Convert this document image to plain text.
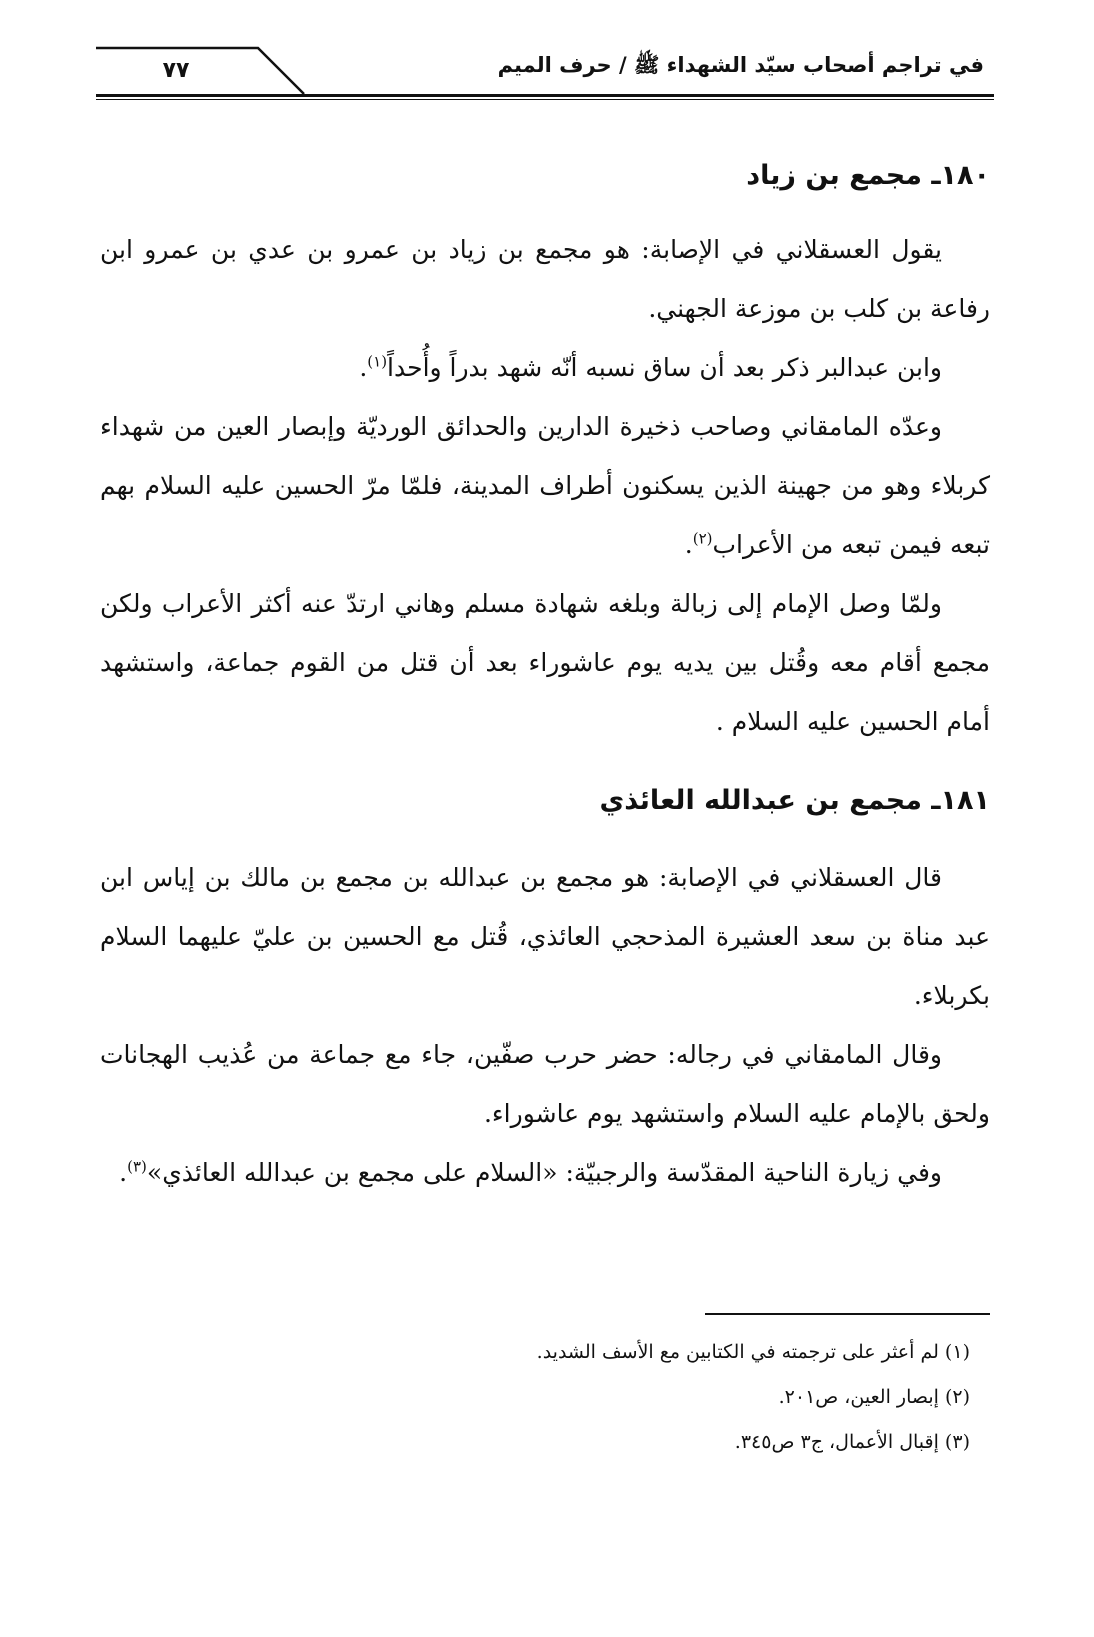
٧٧	في تراجم أصحاب سيّد الشهداء ﷺ / حرف الميم
١٨٠ـ مجمع بن زياد

يقول العسقلاني في الإصابة: هو مجمع بن زياد بن عمرو بن عدي بن عمرو ابن رفاعة بن كلب بن موزعة الجهني.

وابن عبدالبر ذكر بعد أن ساق نسبه أنّه شهد بدراً وأُحداً$^{(١)}$.

وعدّه المامقاني وصاحب ذخيرة الدارين والحدائق الورديّة وإبصار العين من شهداء كربلاء وهو من جهينة الذين يسكنون أطراف المدينة، فلمّا مرّ الحسين عليه السلام بهم تبعه فيمن تبعه من الأعراب$^{(٢)}$.

ولمّا وصل الإمام إلى زبالة وبلغه شهادة مسلم وهاني ارتدّ عنه أكثر الأعراب ولكن مجمع أقام معه وقُتل بين يديه يوم عاشوراء بعد أن قتل من القوم جماعة، واستشهد أمام الحسين عليه السلام .

١٨١ـ مجمع بن عبدالله العائذي

قال العسقلاني في الإصابة: هو مجمع بن عبدالله بن مجمع بن مالك بن إياس ابن عبد مناة بن سعد العشيرة المذحجي العائذي، قُتل مع الحسين بن عليّ عليهما السلام بكربلاء.

وقال المامقاني في رجاله: حضر حرب صفّين، جاء مع جماعة من عُذيب الهجانات ولحق بالإمام عليه السلام واستشهد يوم عاشوراء.

وفي زيارة الناحية المقدّسة والرجبيّة: «السلام على مجمع بن عبدالله العائذي»$^{(٣)}$.

(١) لم أعثر على ترجمته في الكتابين مع الأسف الشديد.

(٢) إبصار العين، ص٢٠١.

(٣) إقبال الأعمال، ج٣ ص٣٤٥.
